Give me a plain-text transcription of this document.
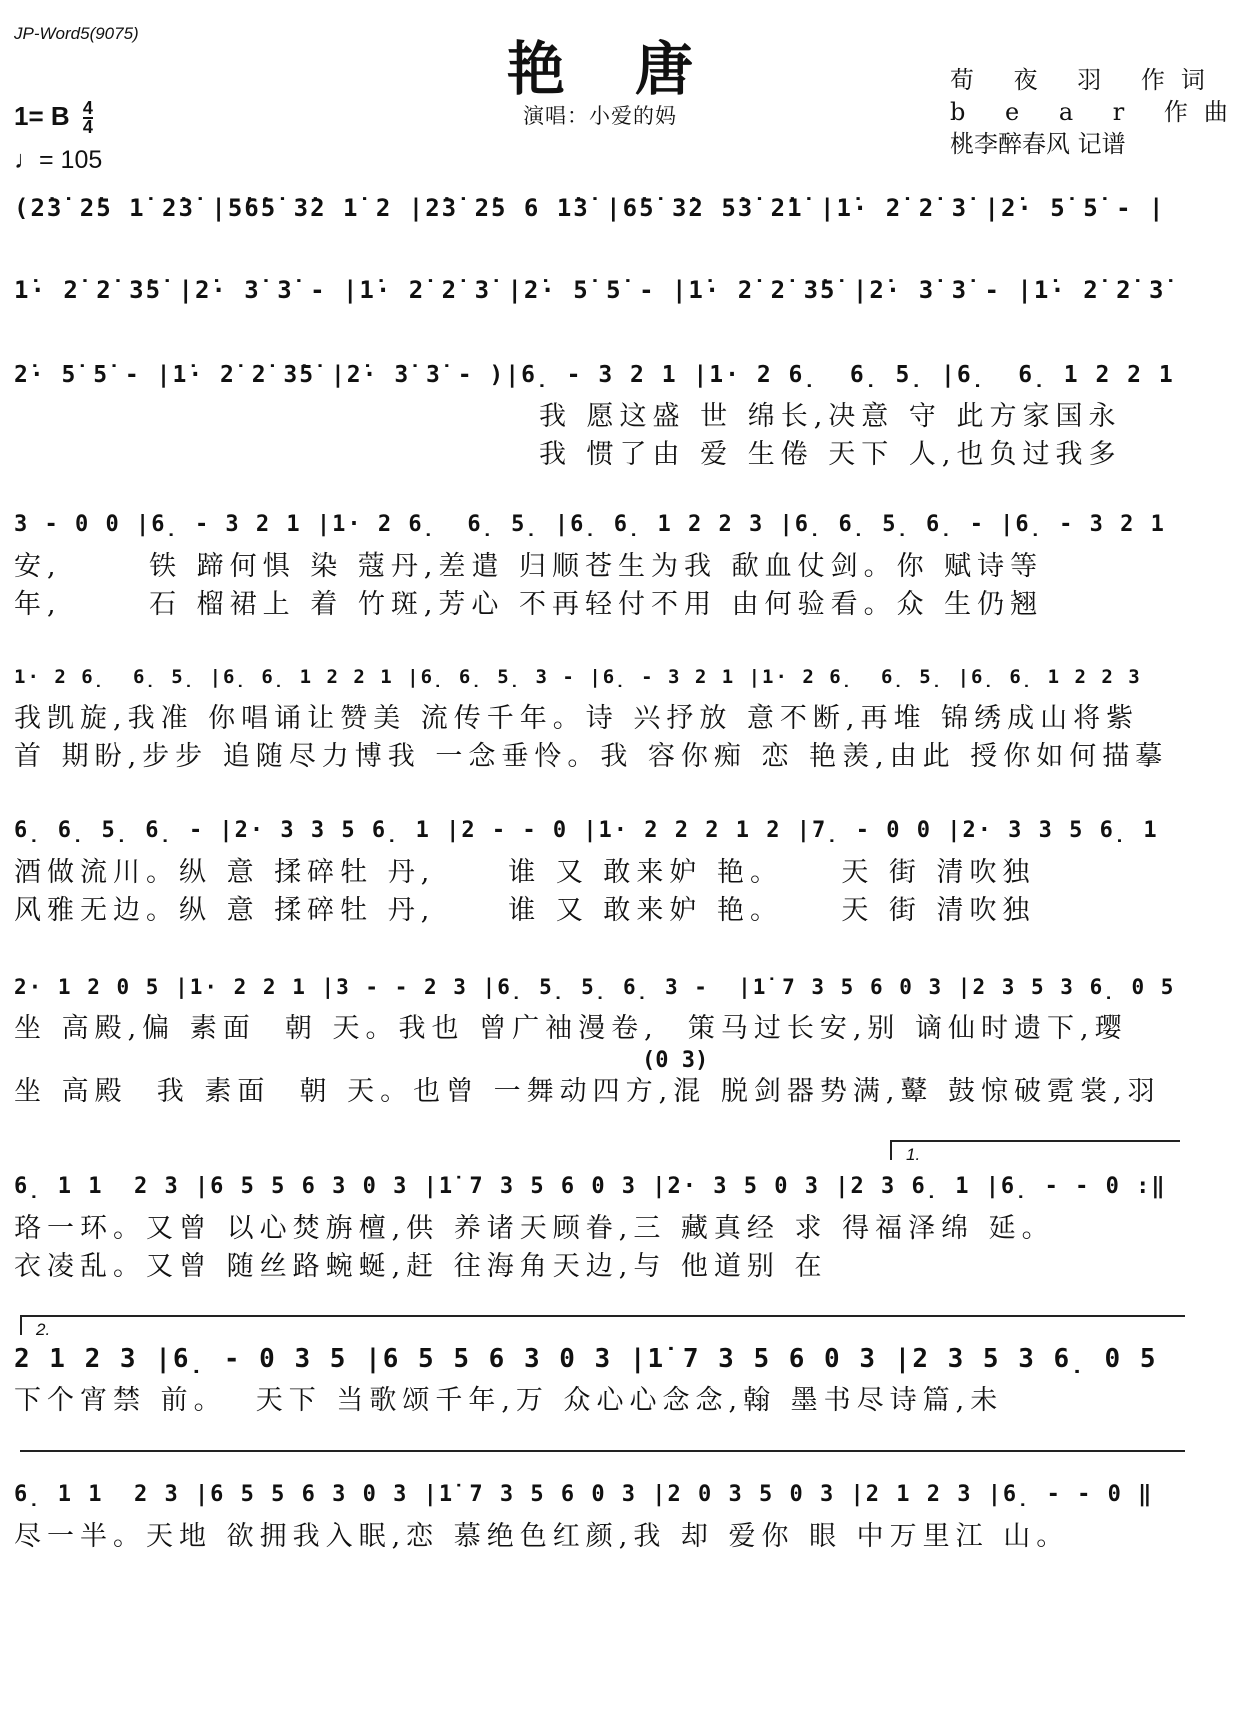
JP-Word5(9075)
艳唐
演唱：小爱的妈
1= B $\frac{4}{4}$
♩= 105
荀 夜 羽 作词
b e a r 作曲
桃李醉春风 记谱
(2̇3̇ 2̇5 1̇ 2̇3̇ |5̇6̇5̇ 3̇2 1̇ 2 |2̇3̇ 2̇5 6 1̇3̇ |6̇5̇ 3̇2 5̇3̇ 2̇1̇ |1̇· 2̇ 2̇ 3̇ |2̇· 5̇ 5̇ - |
1̇· 2̇ 2̇ 3̇5̇ |2̇· 3̇ 3̇ - |1̇· 2̇ 2̇ 3̇ |2̇· 5̇ 5̇ - |1̇· 2̇ 2̇ 3̇5̇ |2̇· 3̇ 3̇ - |1̇· 2̇ 2̇ 3̇
2̇· 5̇ 5̇ - |1̇· 2̇ 2̇ 3̇5̇ |2̇· 3̇ 3̇ - )|6̣ - 3 2 1 |1· 2 6̣  6̣ 5̣ |6̣  6̣ 1 2 2 1
我 愿这盛 世 绵长,决意 守 此方家国永
我 惯了由 爱 生倦 天下 人,也负过我多
3 - 0 0 |6̣ - 3 2 1 |1· 2 6̣  6̣ 5̣ |6̣ 6̣ 1 2 2 3 |6̣ 6̣ 5̣ 6̣ - |6̣ - 3 2 1
安,      铁 蹄何惧 染 蔻丹,差遣 归顺苍生为我 歃血仗剑。你 赋诗等
年,      石 榴裙上 着 竹斑,芳心 不再轻付不用 由何验看。众 生仍翘
1· 2 6̣  6̣ 5̣ |6̣ 6̣ 1 2 2 1 |6̣ 6̣ 5̣ 3 - |6̣ - 3 2 1 |1· 2 6̣  6̣ 5̣ |6̣ 6̣ 1 2 2 3
我凯旋,我准 你唱诵让赞美 流传千年。诗 兴抒放 意不断,再堆 锦绣成山将紫
首 期盼,步步 追随尽力博我 一念垂怜。我 容你痴 恋 艳羡,由此 授你如何描摹
6̣ 6̣ 5̣ 6̣ - |2· 3 3 5 6̣ 1 |2 - - 0 |1· 2 2 2 1 2 |7̣ - 0 0 |2· 3 3 5 6̣ 1
酒做流川。纵 意 揉碎牡 丹,     谁 又 敢来妒 艳。    天 街 清吹独
风雅无边。纵 意 揉碎牡 丹,     谁 又 敢来妒 艳。    天 街 清吹独
2· 1 2 0 5 |1· 2 2 1 |3 - - 2 3 |6̣ 5̣ 5̣ 6̣ 3 -  |1̇ 7 3 5 6 0 3 |2 3 5 3 6̣ 0 5
坐 高殿,偏 素面  朝 天。我也 曾广袖漫卷,  策马过长安,别 谪仙时遗下,璎
(0 3)
坐 高殿  我 素面  朝 天。也曾 一舞动四方,混 脱剑器势满,鼙 鼓惊破霓裳,羽
1.
6̣ 1 1  2 3 |6 5 5 6 3 0 3 |1̇ 7 3 5 6 0 3 |2· 3 5 0 3 |2 3 6̣ 1 |6̣ - - 0 :‖
珞一环。又曾 以心焚旃檀,供 养诸天顾眷,三 藏真经 求 得福泽绵 延。
衣凌乱。又曾 随丝路蜿蜒,赶 往海角天边,与 他道别 在
2.
2 1 2 3 |6̣ - 0 3 5 |6 5 5 6 3 0 3 |1̇ 7 3 5 6 0 3 |2 3 5 3 6̣ 0 5
下个宵禁 前。  天下 当歌颂千年,万 众心心念念,翰 墨书尽诗篇,未
6̣ 1 1  2 3 |6 5 5 6 3 0 3 |1̇ 7 3 5 6 0 3 |2 0 3 5 0 3 |2 1 2 3 |6̣ - - 0 ‖
尽一半。天地 欲拥我入眠,恋 慕绝色红颜,我 却 爱你 眼 中万里江 山。
